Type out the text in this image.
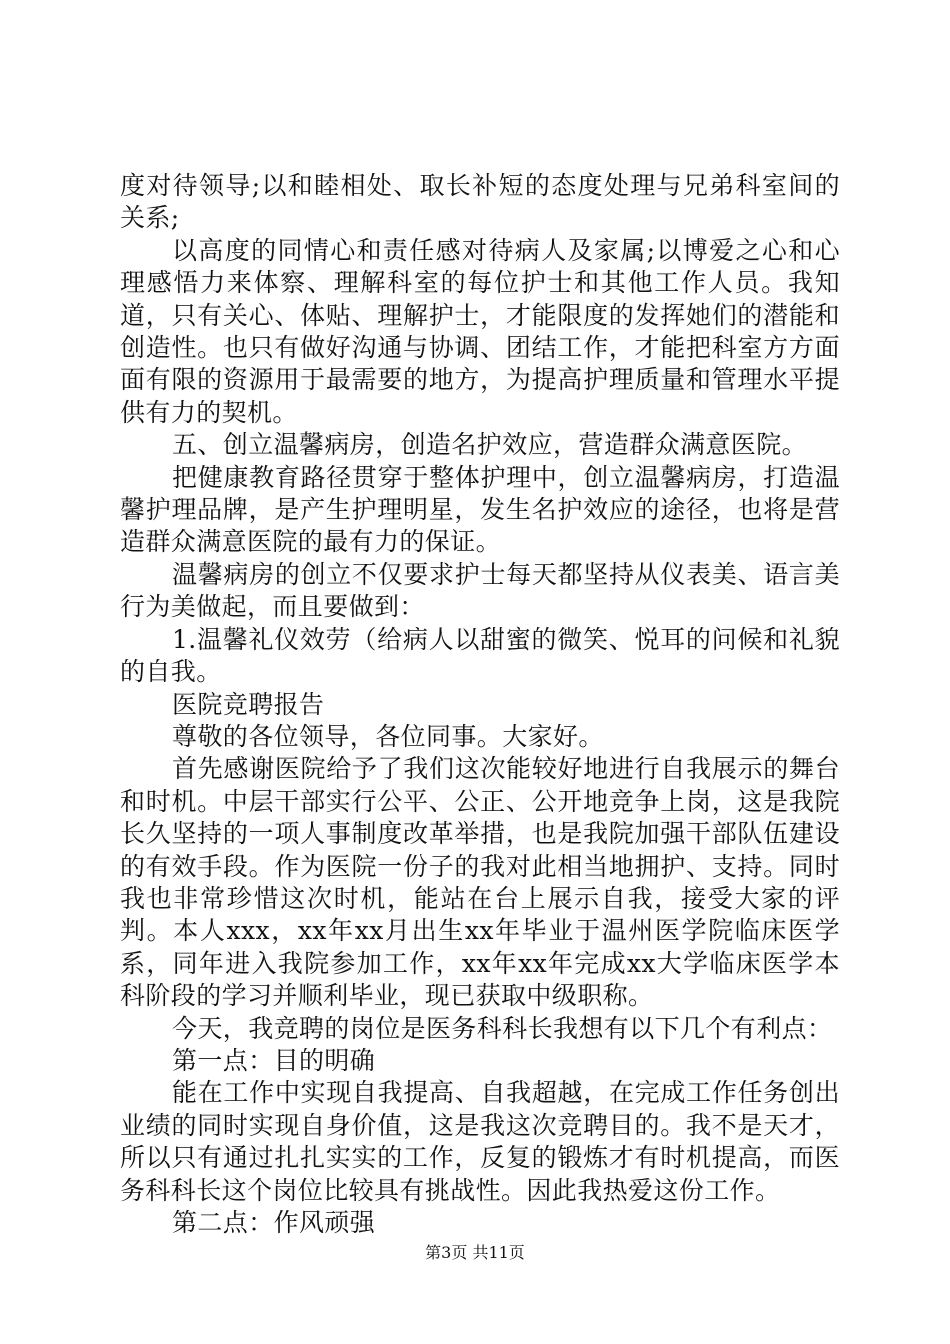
度对待领导;以和睦相处、取长补短的态度处理与兄弟科室间的关系;

以高度的同情心和责任感对待病人及家属;以博爱之心和心理感悟力来体察、理解科室的每位护士和其他工作人员。我知道，只有关心、体贴、理解护士，才能限度的发挥她们的潜能和创造性。也只有做好沟通与协调、团结工作，才能把科室方方面面有限的资源用于最需要的地方，为提高护理质量和管理水平提供有力的契机。

五、创立温馨病房，创造名护效应，营造群众满意医院。

把健康教育路径贯穿于整体护理中，创立温馨病房，打造温馨护理品牌，是产生护理明星，发生名护效应的途径，也将是营造群众满意医院的最有力的保证。

温馨病房的创立不仅要求护士每天都坚持从仪表美、语言美行为美做起，而且要做到：

1.温馨礼仪效劳（给病人以甜蜜的微笑、悦耳的问候和礼貌的自我。

医院竞聘报告

尊敬的各位领导，各位同事。大家好。

首先感谢医院给予了我们这次能较好地进行自我展示的舞台和时机。中层干部实行公平、公正、公开地竞争上岗，这是我院长久坚持的一项人事制度改革举措，也是我院加强干部队伍建设的有效手段。作为医院一份子的我对此相当地拥护、支持。同时我也非常珍惜这次时机，能站在台上展示自我，接受大家的评判。本人xxx，xx年xx月出生xx年毕业于温州医学院临床医学系，同年进入我院参加工作，xx年xx年完成xx大学临床医学本科阶段的学习并顺利毕业，现已获取中级职称。

今天，我竞聘的岗位是医务科科长我想有以下几个有利点：

第一点：目的明确

能在工作中实现自我提高、自我超越，在完成工作任务创出业绩的同时实现自身价值，这是我这次竞聘目的。我不是天才，所以只有通过扎扎实实的工作，反复的锻炼才有时机提高，而医务科科长这个岗位比较具有挑战性。因此我热爱这份工作。

第二点：作风顽强

第3页 共11页
